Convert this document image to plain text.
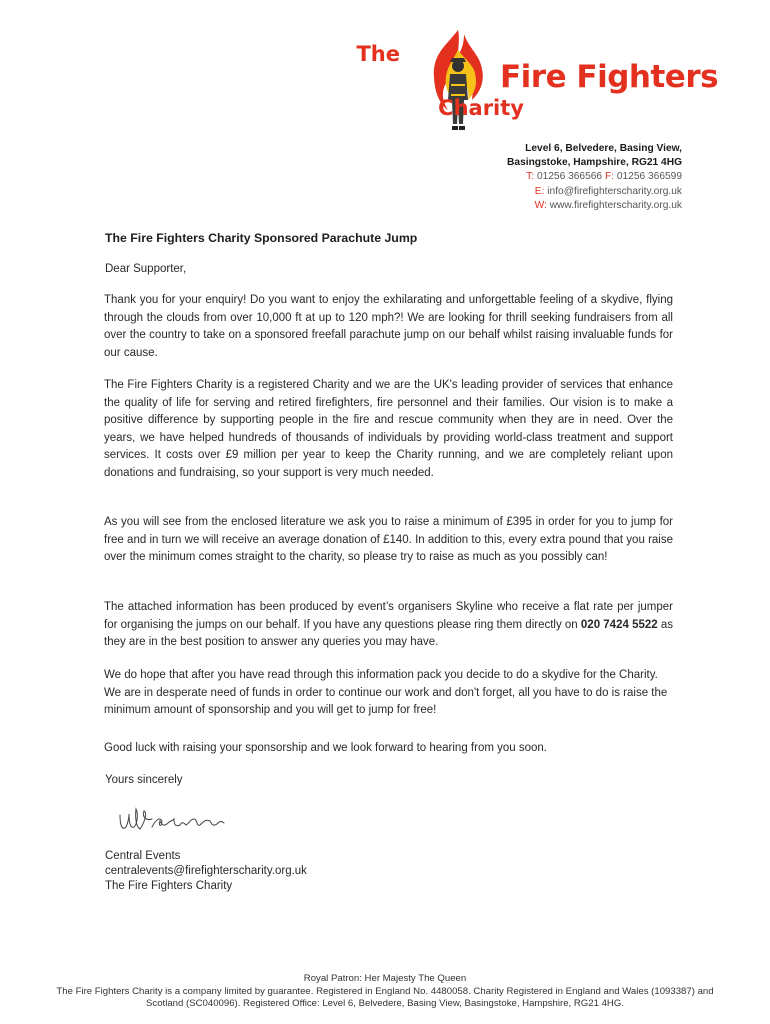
The
Fire Fighters
Charity
Level 6, Belvedere, Basing View,
Basingstoke, Hampshire, RG21 4HG
T: 01256 366566 F: 01256 366599
E: info@firefighterscharity.org.uk
W: www.firefighterscharity.org.uk
The Fire Fighters Charity Sponsored Parachute Jump
Dear Supporter,
Thank you for your enquiry! Do you want to enjoy the exhilarating and unforgettable feeling of a skydive, flying through the clouds from over 10,000 ft at up to 120 mph?! We are looking for thrill seeking fundraisers from all over the country to take on a sponsored freefall parachute jump on our behalf whilst raising invaluable funds for our cause.
The Fire Fighters Charity is a registered Charity and we are the UK's leading provider of services that enhance the quality of life for serving and retired firefighters, fire personnel and their families. Our vision is to make a positive difference by supporting people in the fire and rescue community when they are in need. Over the years, we have helped hundreds of thousands of individuals by providing world-class treatment and support services. It costs over £9 million per year to keep the Charity running, and we are completely reliant upon donations and fundraising, so your support is very much needed.
As you will see from the enclosed literature we ask you to raise a minimum of £395 in order for you to jump for free and in turn we will receive an average donation of £140. In addition to this, every extra pound that you raise over the minimum comes straight to the charity, so please try to raise as much as you possibly can!
The attached information has been produced by event’s organisers Skyline who receive a flat rate per jumper for organising the jumps on our behalf. If you have any questions please ring them directly on 020 7424 5522 as they are in the best position to answer any queries you may have.
We do hope that after you have read through this information pack you decide to do a skydive for the Charity. We are in desperate need of funds in order to continue our work and don't forget, all you have to do is raise the minimum amount of sponsorship and you will get to jump for free!
Good luck with raising your sponsorship and we look forward to hearing from you soon.
Yours sincerely
Central Events
centralevents@firefighterscharity.org.uk
The Fire Fighters Charity
Royal Patron: Her Majesty The Queen
The Fire Fighters Charity is a company limited by guarantee. Registered in England No. 4480058. Charity Registered in England and Wales (1093387) and
Scotland (SC040096). Registered Office: Level 6, Belvedere, Basing View, Basingstoke, Hampshire, RG21 4HG.
